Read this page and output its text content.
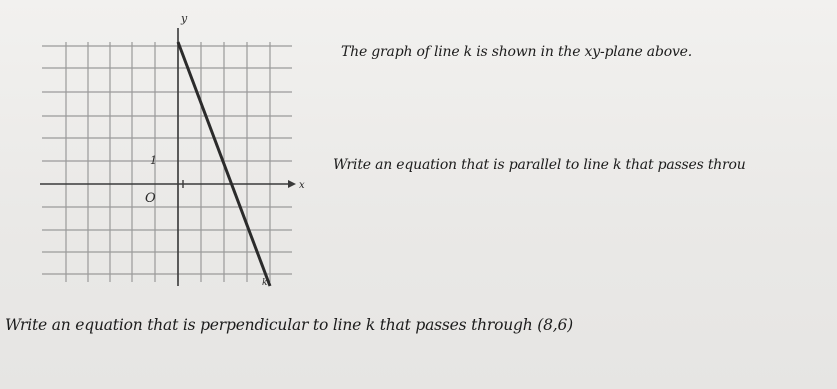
y
x
O
1
k
The graph of line k is shown in the xy-plane above.
Write an equation that is parallel to line k that passes throu
Write an equation that is perpendicular to line k that passes through (8,6)
